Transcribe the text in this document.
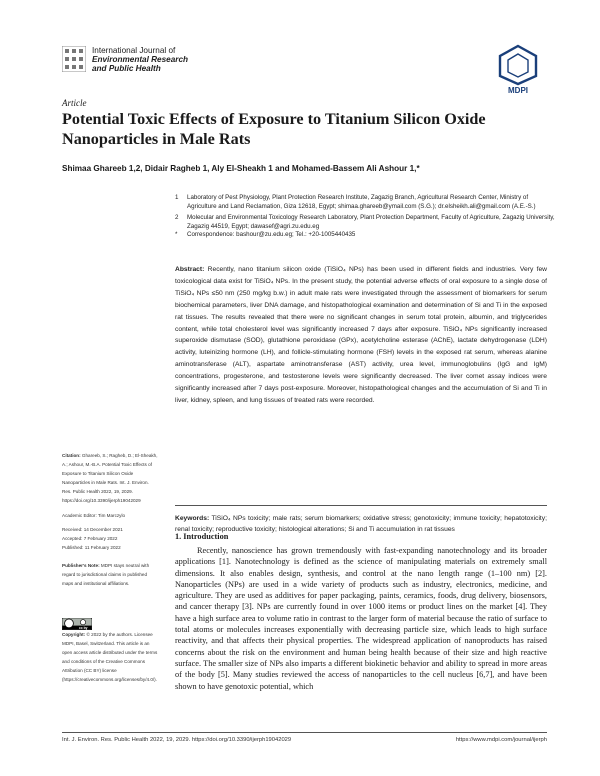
International Journal of
Environmental Research
and Public Health
MDPI
Article
Potential Toxic Effects of Exposure to Titanium Silicon Oxide Nanoparticles in Male Rats
Shimaa Ghareeb 1,2, Didair Ragheb 1, Aly El-Sheakh 1 and Mohamed-Bassem Ali Ashour 1,*
1 Laboratory of Pest Physiology, Plant Protection Research Institute, Zagazig Branch, Agricultural Research Center, Ministry of Agriculture and Land Reclamation, Giza 12618, Egypt; shimaa.ghareeb@ymail.com (S.G.); dr.elsheikh.ali@gmail.com (A.E.-S.)
2 Molecular and Environmental Toxicology Research Laboratory, Plant Protection Department, Faculty of Agriculture, Zagazig University, Zagazig 44519, Egypt; dawasef@agri.zu.edu.eg
* Correspondence: bashour@zu.edu.eg; Tel.: +20-1005440435
Abstract: Recently, nano titanium silicon oxide (TiSiO₄ NPs) has been used in different fields and industries. Very few toxicological data exist for TiSiO₄ NPs. In the present study, the potential adverse effects of oral exposure to a single dose of TiSiO₄ NPs ≤50 nm (250 mg/kg b.w.) in adult male rats were investigated through the assessment of biomarkers for serum biochemical parameters, liver DNA damage, and histopathological examination and determination of Si and Ti in the exposed rat tissues. The results revealed that there were no significant changes in serum total protein, albumin, and triglycerides content, while total cholesterol level was significantly increased 7 days after exposure. TiSiO₄ NPs significantly increased superoxide dismutase (SOD), glutathione peroxidase (GPx), acetylcholine esterase (AChE), lactate dehydrogenase (LDH) activity, luteinizing hormone (LH), and follicle-stimulating hormone (FSH) levels in the exposed rat serum, whereas alanine aminotransferase (ALT), aspartate aminotransferase (AST) activity, urea level, immunoglobulins (IgG and IgM) concentrations, progesterone, and testosterone levels were significantly decreased. The liver comet assay indices were significantly increased after 7 days post-exposure. Moreover, histopathological changes and the accumulation of Si and Ti in liver, kidney, spleen, and lung tissues of treated rats were recorded.
Keywords: TiSiO₄ NPs toxicity; male rats; serum biomarkers; oxidative stress; genotoxicity; immune toxicity; hepatotoxicity; renal toxicity; reproductive toxicity; histological alterations; Si and Ti accumulation in rat tissues
Citation: Ghareeb, S.; Ragheb, D.; El-Sheakh, A.; Ashour, M.-B.A. Potential Toxic Effects of Exposure to Titanium Silicon Oxide Nanoparticles in Male Rats. Int. J. Environ. Res. Public Health 2022, 19, 2029. https://doi.org/10.3390/ijerph19042029
Academic Editor: Tim Marczylo
Received: 14 December 2021
Accepted: 7 February 2022
Published: 11 February 2022
Publisher's Note: MDPI stays neutral with regard to jurisdictional claims in published maps and institutional affiliations.
cc by
Copyright: © 2022 by the authors. Licensee MDPI, Basel, Switzerland. This article is an open access article distributed under the terms and conditions of the Creative Commons Attribution (CC BY) license (https://creativecommons.org/licenses/by/4.0/).
1. Introduction
Recently, nanoscience has grown tremendously with fast-expanding nanotechnology and its broader applications [1]. Nanotechnology is defined as the science of manipulating materials on extremely small dimensions. It also enables design, synthesis, and control at the nano length range (1–100 nm) [2]. Nanoparticles (NPs) are used in a wide variety of products such as industry, electronics, medicine, and agriculture. They are used as additives for paper packaging, paints, ceramics, foods, drug delivery, biosensors, and cancer therapy [3]. NPs are currently found in over 1000 items or product lines on the market [4]. They have a high surface area to volume ratio in contrast to the larger form of material because the ratio of surface to total atoms or molecules increases exponentially with decreasing particle size, which leads to high surface reactivity, and that affects their physical properties. The widespread application of nanoproducts has raised concerns about the risk on the environment and human being health because of their size and high reactive surface. The smaller size of NPs also imparts a different biokinetic behavior and ability to spread in more areas of the body [5]. Many studies reviewed the access of nanoparticles to the cell nucleus [6,7], and have been shown to have genotoxic potential, which
Int. J. Environ. Res. Public Health 2022, 19, 2029. https://doi.org/10.3390/ijerph19042029	https://www.mdpi.com/journal/ijerph
